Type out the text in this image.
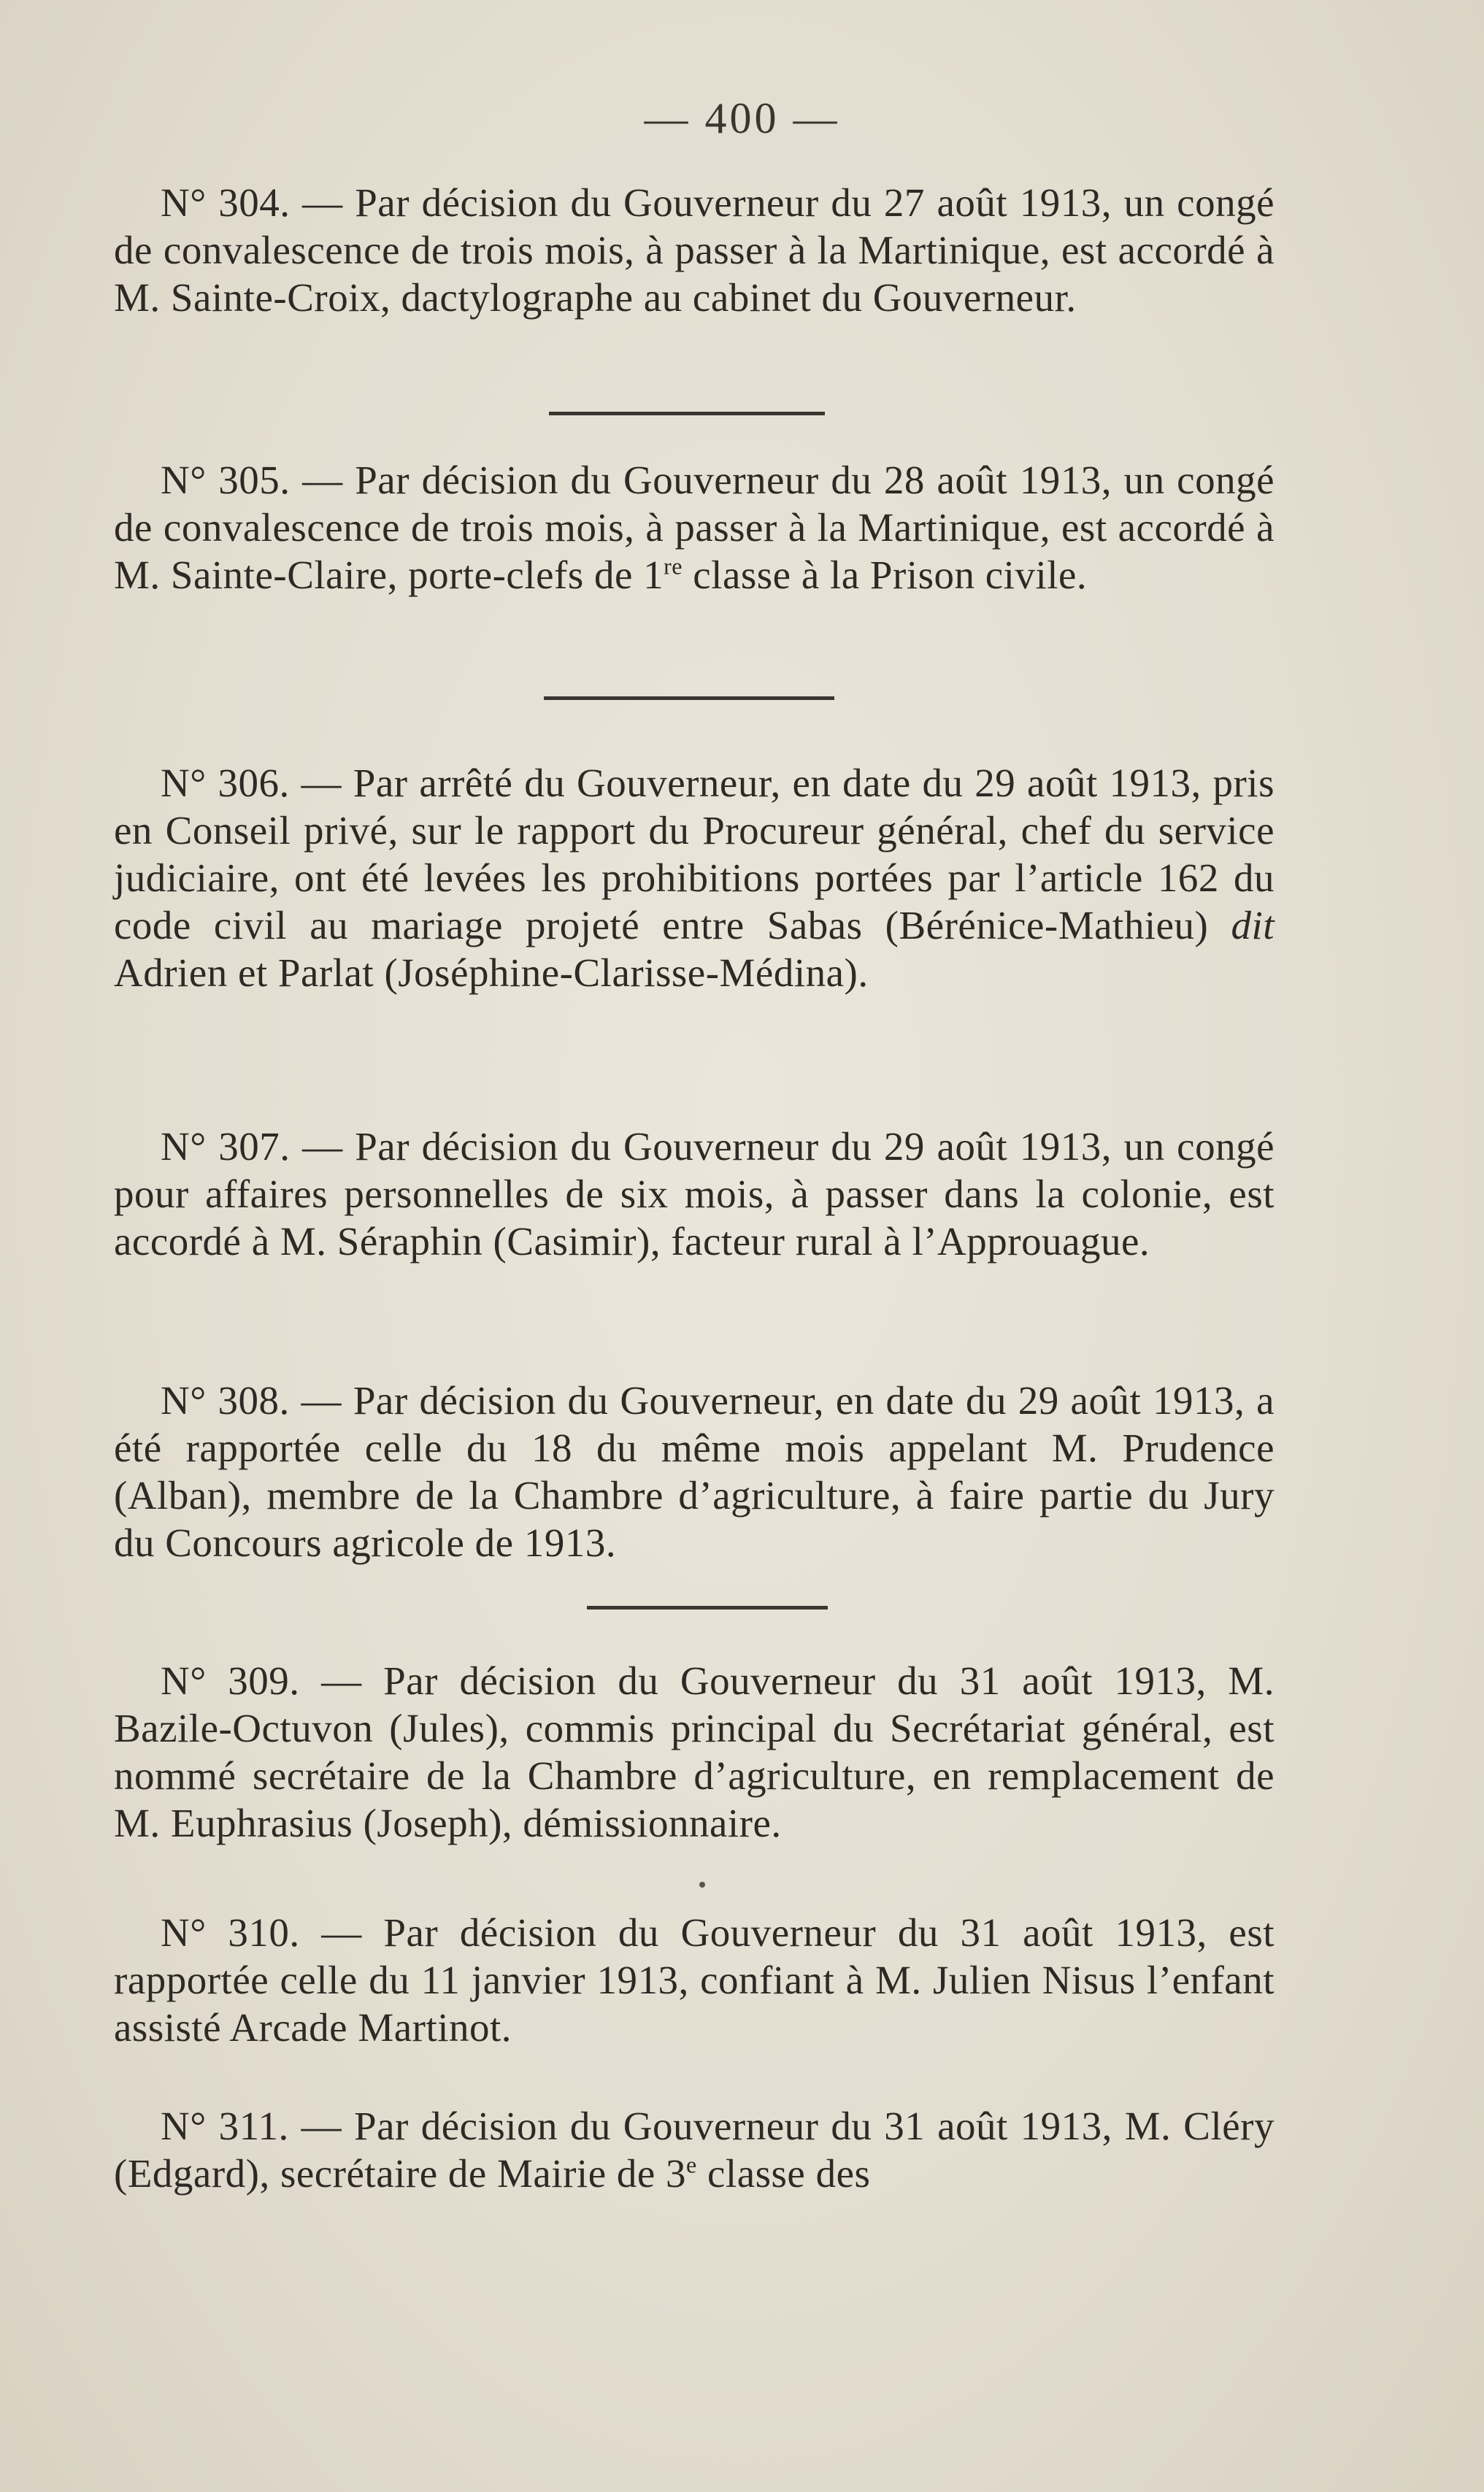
— 400 —
N° 304. — Par décision du Gouverneur du 27 août 1913, un congé de convalescence de trois mois, à passer à la Martinique, est accordé à M. Sainte-Croix, dactylographe au cabinet du Gouverneur.
N° 305. — Par décision du Gouverneur du 28 août 1913, un congé de convalescence de trois mois, à passer à la Martinique, est accordé à M. Sainte-Claire, porte-clefs de 1re classe à la Prison civile.
N° 306. — Par arrêté du Gouverneur, en date du 29 août 1913, pris en Conseil privé, sur le rapport du Procureur général, chef du service judiciaire, ont été levées les prohibitions portées par l’article 162 du code civil au mariage projeté entre Sabas (Bérénice-Mathieu) dit Adrien et Parlat (Joséphine-Clarisse-Médina).
N° 307. — Par décision du Gouverneur du 29 août 1913, un congé pour affaires personnelles de six mois, à passer dans la colonie, est accordé à M. Séraphin (Casimir), facteur rural à l’Approuague.
N° 308. — Par décision du Gouverneur, en date du 29 août 1913, a été rapportée celle du 18 du même mois appelant M. Prudence (Alban), membre de la Chambre d’agriculture, à faire partie du Jury du Concours agricole de 1913.
N° 309. — Par décision du Gouverneur du 31 août 1913, M. Bazile-Octuvon (Jules), commis principal du Secrétariat général, est nommé secrétaire de la Chambre d’agriculture, en remplacement de M. Euphrasius (Joseph), démissionnaire.
N° 310. — Par décision du Gouverneur du 31 août 1913, est rapportée celle du 11 janvier 1913, confiant à M. Julien Nisus l’enfant assisté Arcade Martinot.
N° 311. — Par décision du Gouverneur du 31 août 1913, M. Cléry (Edgard), secrétaire de Mairie de 3e classe des
